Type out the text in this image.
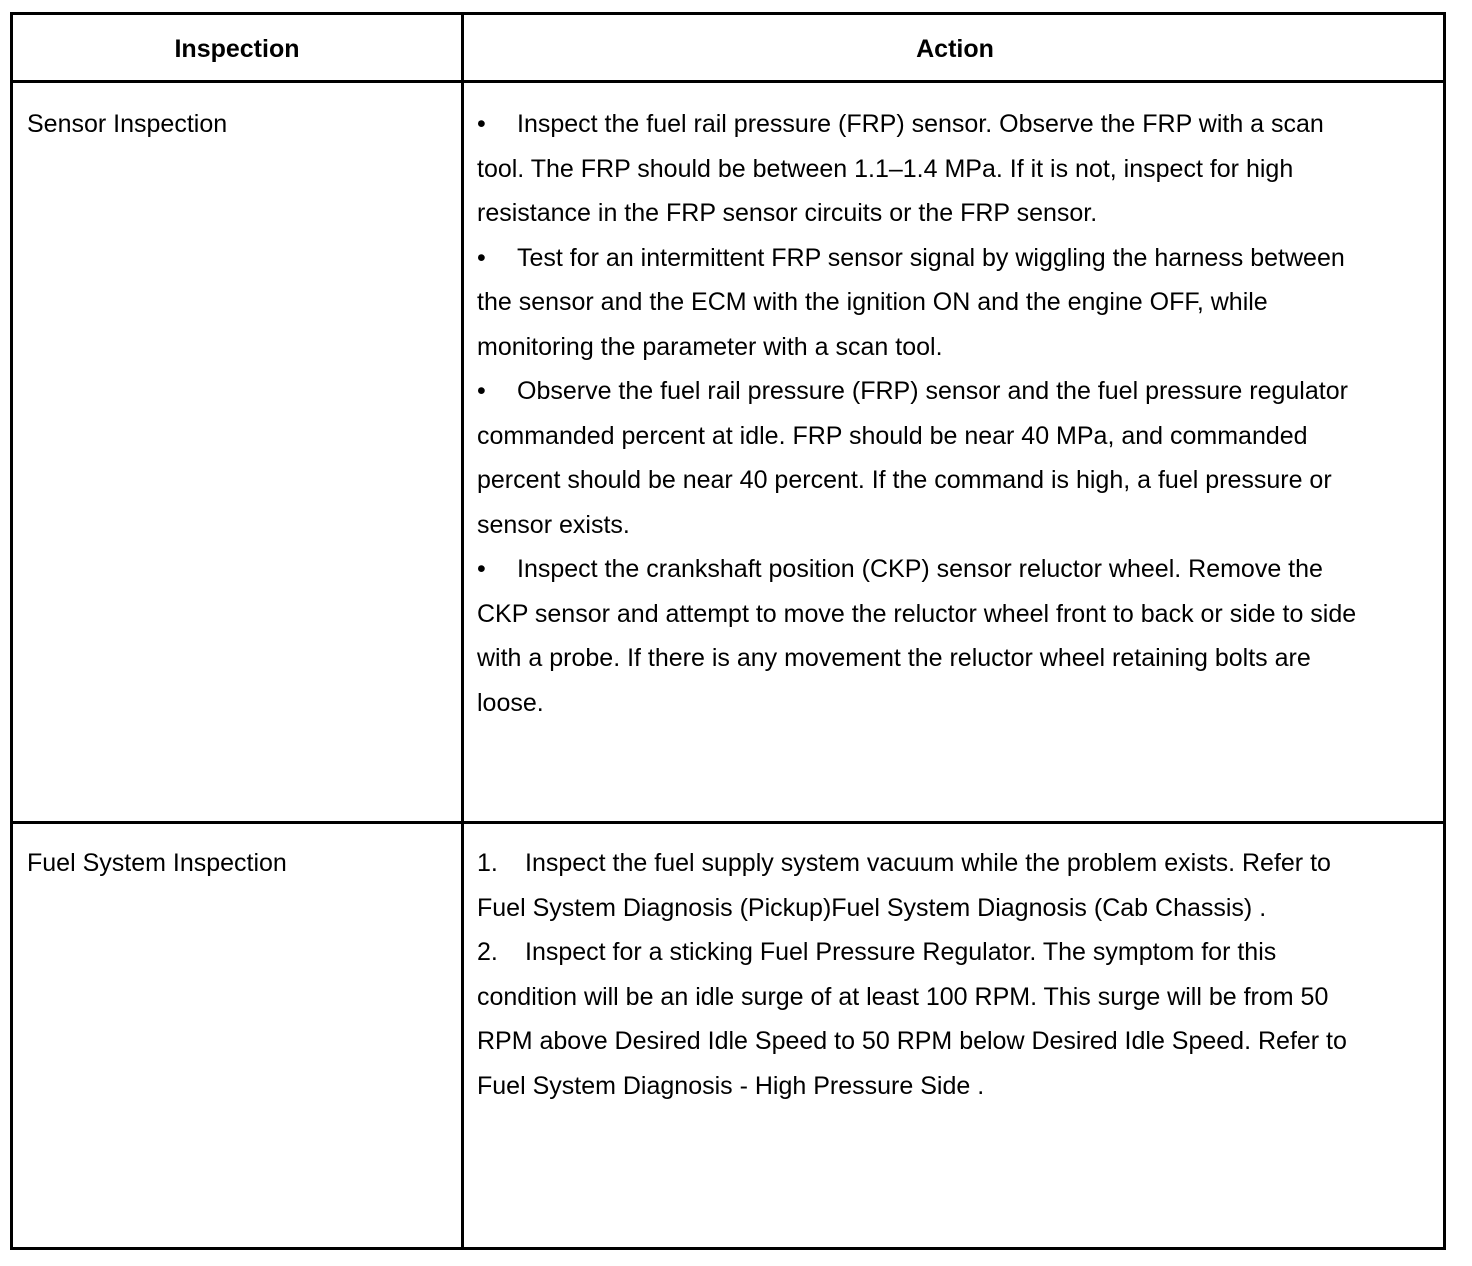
Inspection	Action
Sensor Inspection	• Inspect the fuel rail pressure (FRP) sensor. Observe the FRP with a scan tool. The FRP should be between 1.1–1.4 MPa. If it is not, inspect for high resistance in the FRP sensor circuits or the FRP sensor.

• Test for an intermittent FRP sensor signal by wiggling the harness between the sensor and the ECM with the ignition ON and the engine OFF, while monitoring the parameter with a scan tool.

• Observe the fuel rail pressure (FRP) sensor and the fuel pressure regulator commanded percent at idle. FRP should be near 40 MPa, and commanded percent should be near 40 percent. If the command is high, a fuel pressure or sensor exists.

• Inspect the crankshaft position (CKP) sensor reluctor wheel. Remove the CKP sensor and attempt to move the reluctor wheel front to back or side to side with a probe. If there is any movement the reluctor wheel retaining bolts are loose.

Fuel System Inspection	1. Inspect the fuel supply system vacuum while the problem exists. Refer to Fuel System Diagnosis (Pickup)Fuel System Diagnosis (Cab Chassis) .

2. Inspect for a sticking Fuel Pressure Regulator. The symptom for this condition will be an idle surge of at least 100 RPM. This surge will be from 50 RPM above Desired Idle Speed to 50 RPM below Desired Idle Speed. Refer to Fuel System Diagnosis - High Pressure Side .
